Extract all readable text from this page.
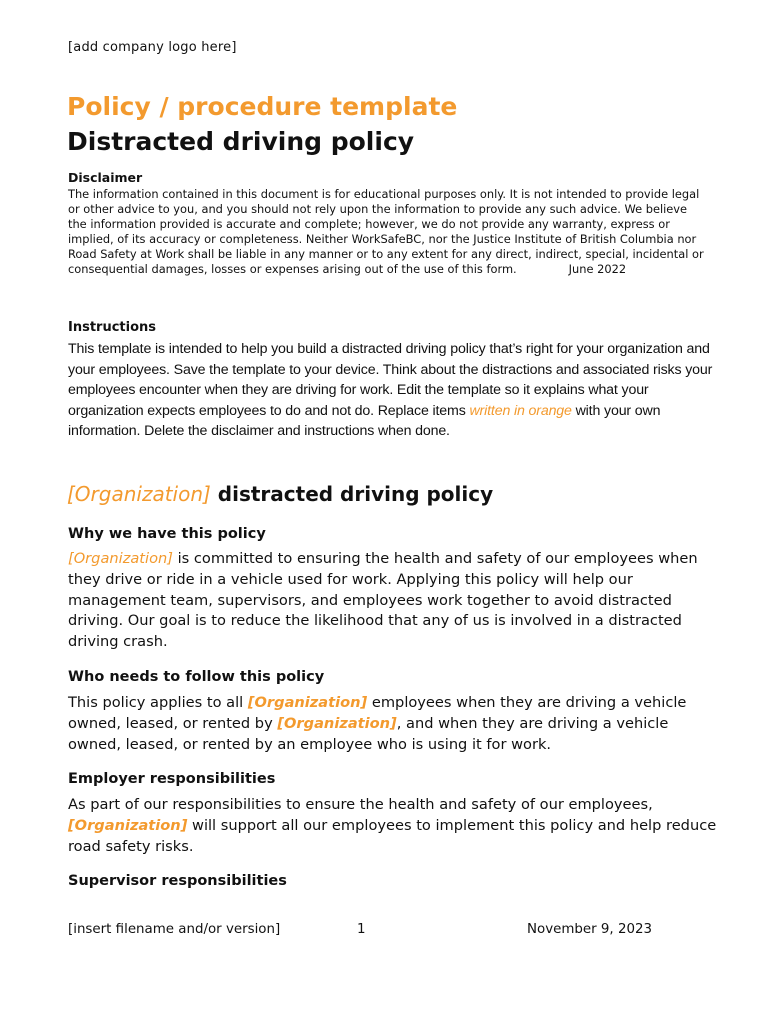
[add company logo here]
Policy / procedure template
Distracted driving policy
Disclaimer
The information contained in this document is for educational purposes only. It is not intended to provide legal or other advice to you, and you should not rely upon the information to provide any such advice. We believe the information provided is accurate and complete; however, we do not provide any warranty, express or implied, of its accuracy or completeness. Neither WorkSafeBC, nor the Justice Institute of British Columbia nor Road Safety at Work shall be liable in any manner or to any extent for any direct, indirect, special, incidental or consequential damages, losses or expenses arising out of the use of this form.	June 2022
Instructions
This template is intended to help you build a distracted driving policy that’s right for your organization and your employees. Save the template to your device. Think about the distractions and associated risks your employees encounter when they are driving for work. Edit the template so it explains what your organization expects employees to do and not do. Replace items written in orange with your own information. Delete the disclaimer and instructions when done.
[Organization] distracted driving policy
Why we have this policy
[Organization] is committed to ensuring the health and safety of our employees when they drive or ride in a vehicle used for work. Applying this policy will help our management team, supervisors, and employees work together to avoid distracted driving. Our goal is to reduce the likelihood that any of us is involved in a distracted driving crash.
Who needs to follow this policy
This policy applies to all [Organization] employees when they are driving a vehicle owned, leased, or rented by [Organization], and when they are driving a vehicle owned, leased, or rented by an employee who is using it for work.
Employer responsibilities
As part of our responsibilities to ensure the health and safety of our employees, [Organization] will support all our employees to implement this policy and help reduce road safety risks.
Supervisor responsibilities
[insert filename and/or version]	1	November 9, 2023
